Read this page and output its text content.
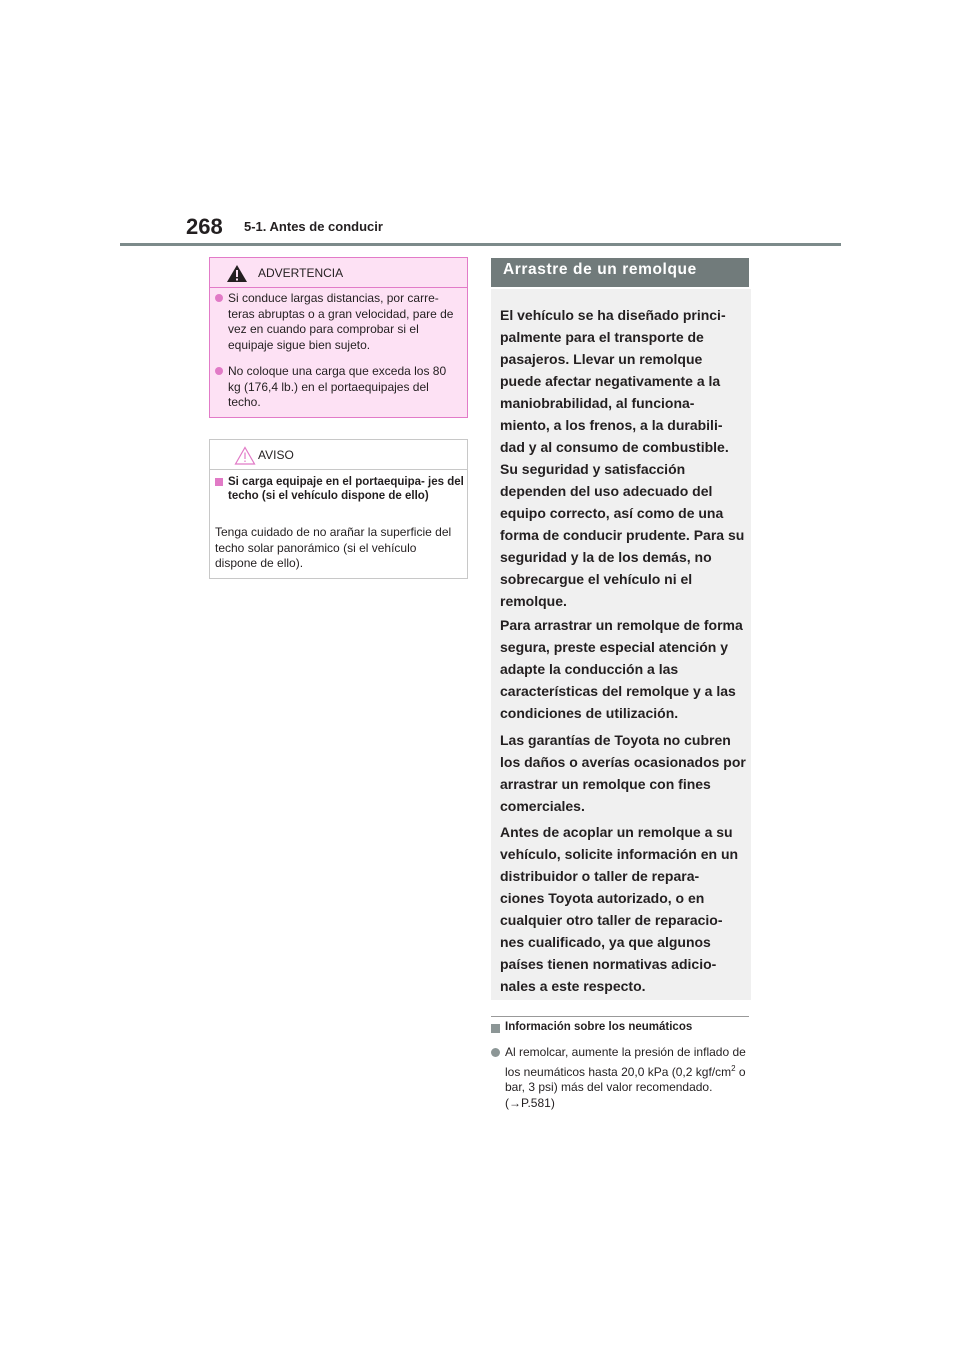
268 5-1. Antes de conducir
ADVERTENCIA
Si conduce largas distancias, por carre- teras abruptas o a gran velocidad, pare de vez en cuando para comprobar si el equipaje sigue bien sujeto.
No coloque una carga que exceda los 80 kg (176,4 lb.) en el portaequipajes del techo.
AVISO
Si carga equipaje en el portaequipa- jes del techo (si el vehículo dispone de ello)
Tenga cuidado de no arañar la superficie del techo solar panorámico (si el vehículo dispone de ello).
Arrastre de un remolque
El vehículo se ha diseñado princi- palmente para el transporte de pasajeros. Llevar un remolque puede afectar negativamente a la maniobrabilidad, al funciona- miento, a los frenos, a la durabili- dad y al consumo de combustible. Su seguridad y satisfacción dependen del uso adecuado del equipo correcto, así como de una forma de conducir prudente. Para su seguridad y la de los demás, no sobrecargue el vehículo ni el remolque.
Para arrastrar un remolque de forma segura, preste especial atención y adapte la conducción a las características del remolque y a las condiciones de utilización.
Las garantías de Toyota no cubren los daños o averías ocasionados por arrastrar un remolque con fines comerciales.
Antes de acoplar un remolque a su vehículo, solicite información en un distribuidor o taller de repara- ciones Toyota autorizado, o en cualquier otro taller de reparacio- nes cualificado, ya que algunos países tienen normativas adicio- nales a este respecto.
Información sobre los neumáticos
Al remolcar, aumente la presión de inflado de los neumáticos hasta 20,0 kPa (0,2 kgf/$cm^2$ o bar, 3 psi) más del valor recomendado. (→P.581)
